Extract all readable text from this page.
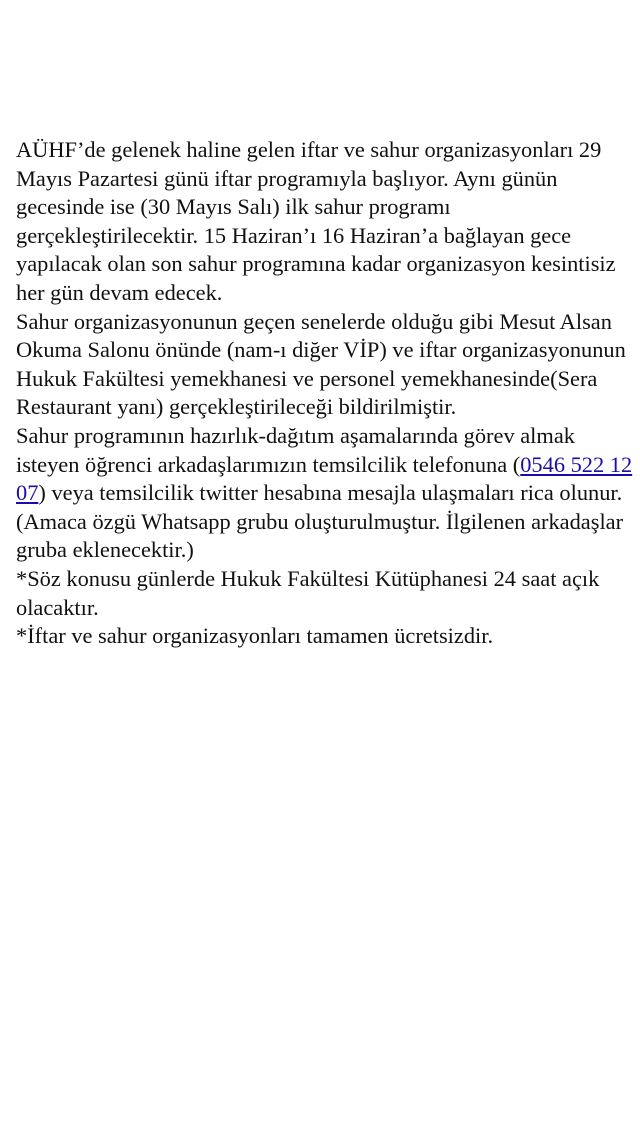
AÜHF’de gelenek haline gelen iftar ve sahur organizasyonları 29 Mayıs Pazartesi günü iftar programıyla başlıyor. Aynı günün gecesinde ise (30 Mayıs Salı) ilk sahur programı gerçekleştirilecektir. 15 Haziran’ı 16 Haziran’a bağlayan gece yapılacak olan son sahur programına kadar organizasyon kesintisiz her gün devam edecek.

Sahur organizasyonunun geçen senelerde olduğu gibi Mesut Alsan Okuma Salonu önünde (nam-ı diğer VİP) ve iftar organizasyonunun Hukuk Fakültesi yemekhanesi ve personel yemekhanesinde(Sera Restaurant yanı) gerçekleştirileceği bildirilmiştir.

Sahur programının hazırlık-dağıtım aşamalarında görev almak isteyen öğrenci arkadaşlarımızın temsilcilik telefonuna (0546 522 12 07) veya temsilcilik twitter hesabına mesajla ulaşmaları rica olunur. (Amaca özgü Whatsapp grubu oluşturulmuştur. İlgilenen arkadaşlar gruba eklenecektir.)

*Söz konusu günlerde Hukuk Fakültesi Kütüphanesi 24 saat açık olacaktır.

*İftar ve sahur organizasyonları tamamen ücretsizdir.
